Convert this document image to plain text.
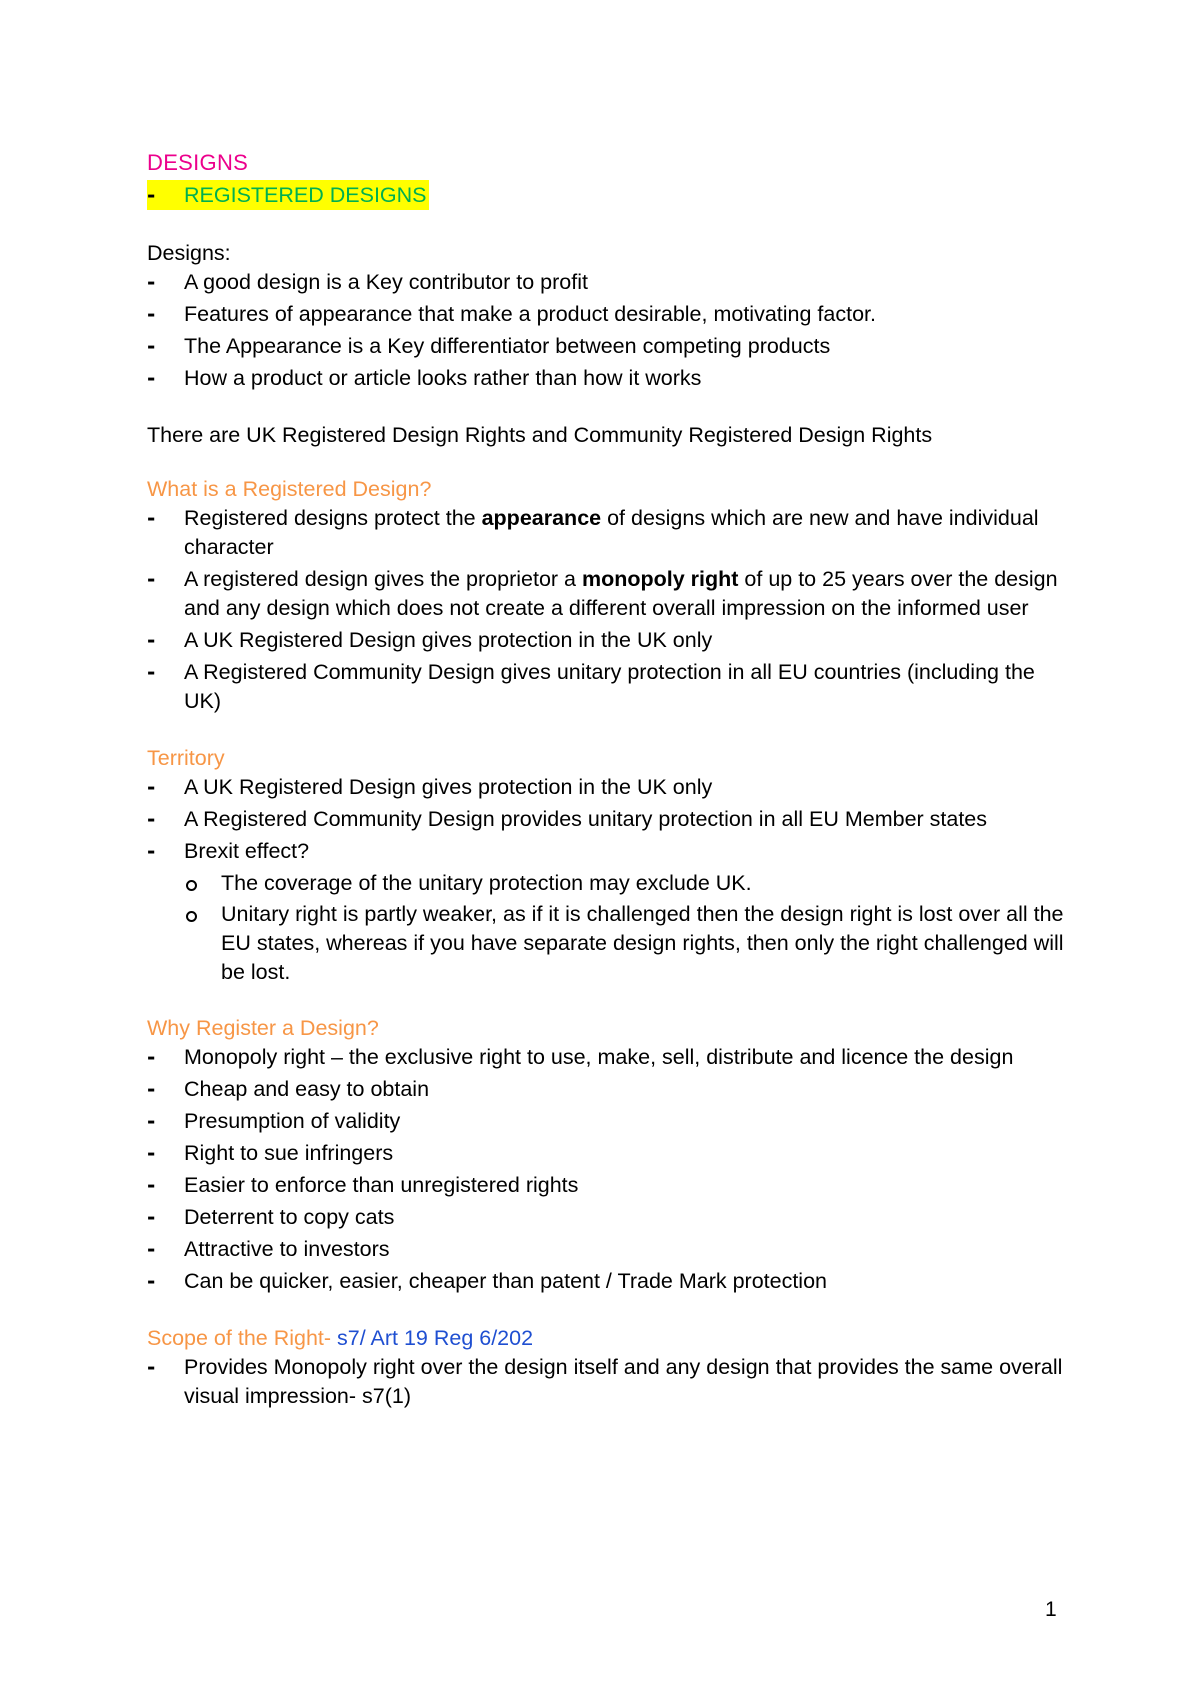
DESIGNS
-	REGISTERED DESIGNS

Designs:

-	A good design is a Key contributor to profit
-	Features of appearance that make a product desirable, motivating factor.
-	The Appearance is a Key differentiator between competing products
-	How a product or article looks rather than how it works

There are UK Registered Design Rights and Community Registered Design Rights

What is a Registered Design?
-	Registered designs protect the appearance of designs which are new and have individual character
-	A registered design gives the proprietor a monopoly right of up to 25 years over the design and any design which does not create a different overall impression on the informed user
-	A UK Registered Design gives protection in the UK only
-	A Registered Community Design gives unitary protection in all EU countries (including the UK)
Territory
-	A UK Registered Design gives protection in the UK only
-	A Registered Community Design provides unitary protection in all EU Member states
-	Brexit effect?
The coverage of the unitary protection may exclude UK.
Unitary right is partly weaker, as if it is challenged then the design right is lost over all the EU states, whereas if you have separate design rights, then only the right challenged will be lost.
Why Register a Design?
-	Monopoly right – the exclusive right to use, make, sell, distribute and licence the design
-	Cheap and easy to obtain
-	Presumption of validity
-	Right to sue infringers
-	Easier to enforce than unregistered rights
-	Deterrent to copy cats
-	Attractive to investors
-	Can be quicker, easier, cheaper than patent / Trade Mark protection
Scope of the Right- s7/ Art 19 Reg 6/202
-	Provides Monopoly right over the design itself and any design that provides the same overall visual impression- s7(1)
1
